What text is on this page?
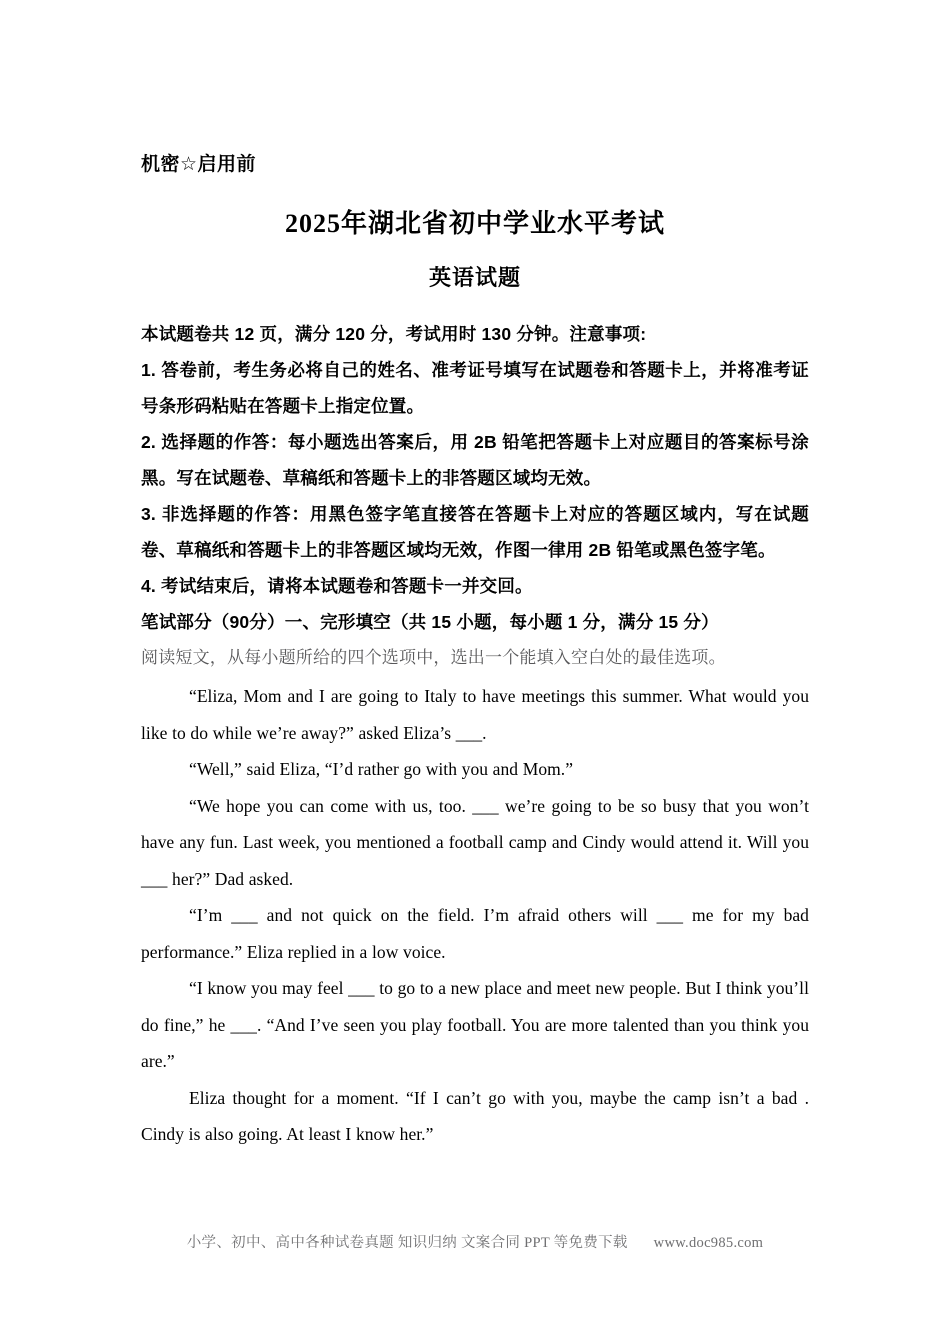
机密☆启用前
2025年湖北省初中学业水平考试
英语试题
本试题卷共 12 页，满分 120 分，考试用时 130 分钟。注意事项:
1. 答卷前，考生务必将自己的姓名、准考证号填写在试题卷和答题卡上，并将准考证号条形码粘贴在答题卡上指定位置。
2. 选择题的作答：每小题选出答案后，用 2B 铅笔把答题卡上对应题目的答案标号涂黑。写在试题卷、草稿纸和答题卡上的非答题区域均无效。
3. 非选择题的作答：用黑色签字笔直接答在答题卡上对应的答题区域内，写在试题卷、草稿纸和答题卡上的非答题区域均无效，作图一律用 2B 铅笔或黑色签字笔。
4. 考试结束后，请将本试题卷和答题卡一并交回。
笔试部分（90分）一、完形填空（共 15 小题，每小题 1 分，满分 15 分）
阅读短文，从每小题所给的四个选项中，选出一个能填入空白处的最佳选项。

“Eliza, Mom and I are going to Italy to have meetings this summer. What would you like to do while we’re away?” asked Eliza’s ___.

“Well,” said Eliza, “I’d rather go with you and Mom.”

“We hope you can come with us, too. ___ we’re going to be so busy that you won’t have any fun. Last week, you mentioned a football camp and Cindy would attend it. Will you ___ her?” Dad asked.

“I’m ___ and not quick on the field. I’m afraid others will ___ me for my bad performance.” Eliza replied in a low voice.

“I know you may feel ___ to go to a new place and meet new people. But I think you’ll do fine,” he ___. “And I’ve seen you play football. You are more talented than you think you are.”

Eliza thought for a moment. “If I can’t go with you, maybe the camp isn’t a bad . Cindy is also going. At least I know her.”

小学、初中、高中各种试卷真题 知识归纳 文案合同 PPT 等免费下载 www.doc985.com
